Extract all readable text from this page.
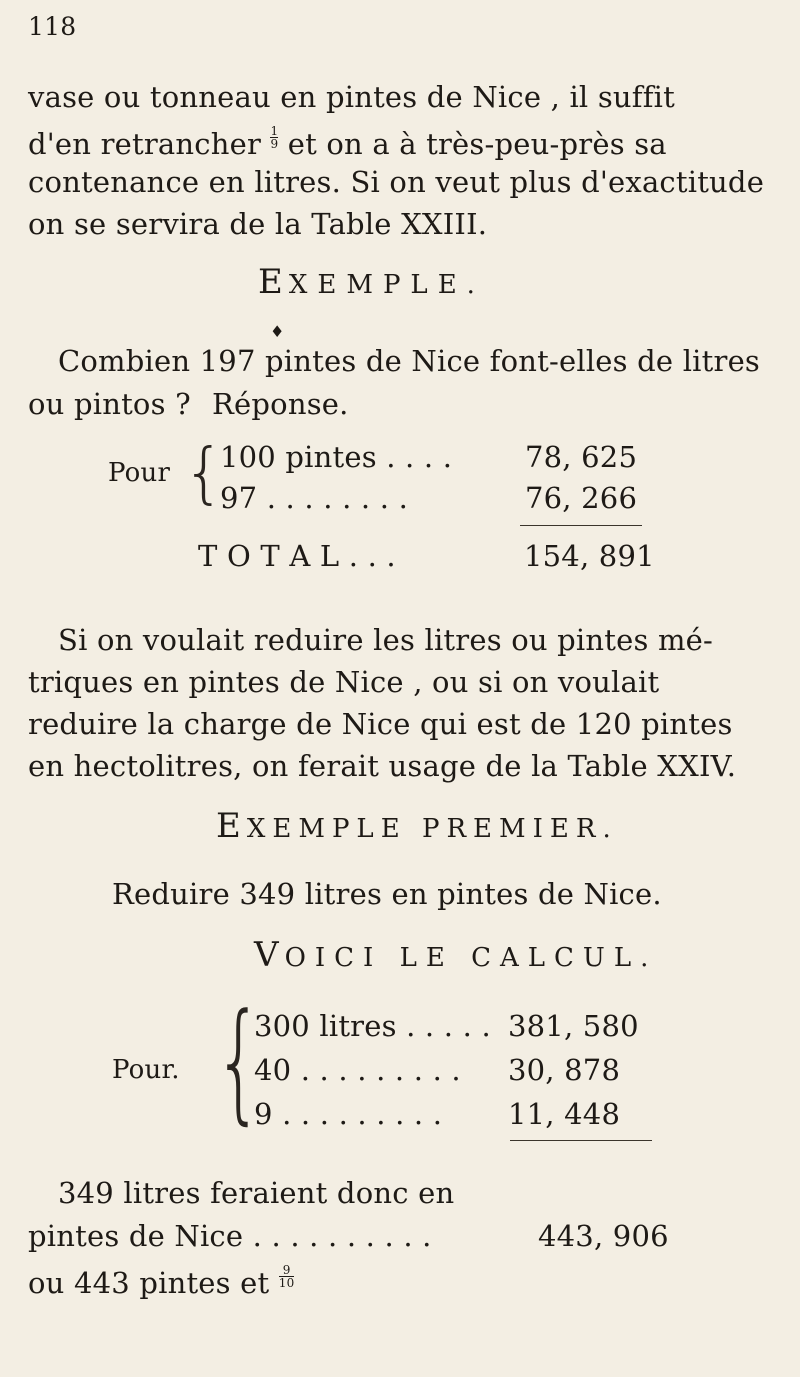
118
vase ou tonneau en pintes de Nice , il suffit
d'en retrancher $\frac{1}{9}$ et on a à très-peu-près sa
contenance en litres. Si on veut plus d'exactitude
on se servira de la Table XXIII.
EXEMPLE.
♦
Combien 197 pintes de Nice font-elles de litres
ou pintos ? Réponse.
Pour {
100 pintes . . . .	78, 625
97 . . . . . . . .	76, 266
T O T A L . . .	154, 891
Si on voulait reduire les litres ou pintes mé-
triques en pintes de Nice , ou si on voulait
reduire la charge de Nice qui est de 120 pintes
en hectolitres, on ferait usage de la Table XXIV.
EXEMPLE PREMIER.
Reduire 349 litres en pintes de Nice.
VOICI LE CALCUL.
Pour. {
300 litres . . . . . 381, 580
40 . . . . . . . . . 30, 878
9 . . . . . . . . . 11, 448
349 litres feraient donc en
pintes de Nice . . . . . . . . . .	443, 906
ou 443 pintes et $\frac{9}{10}$
